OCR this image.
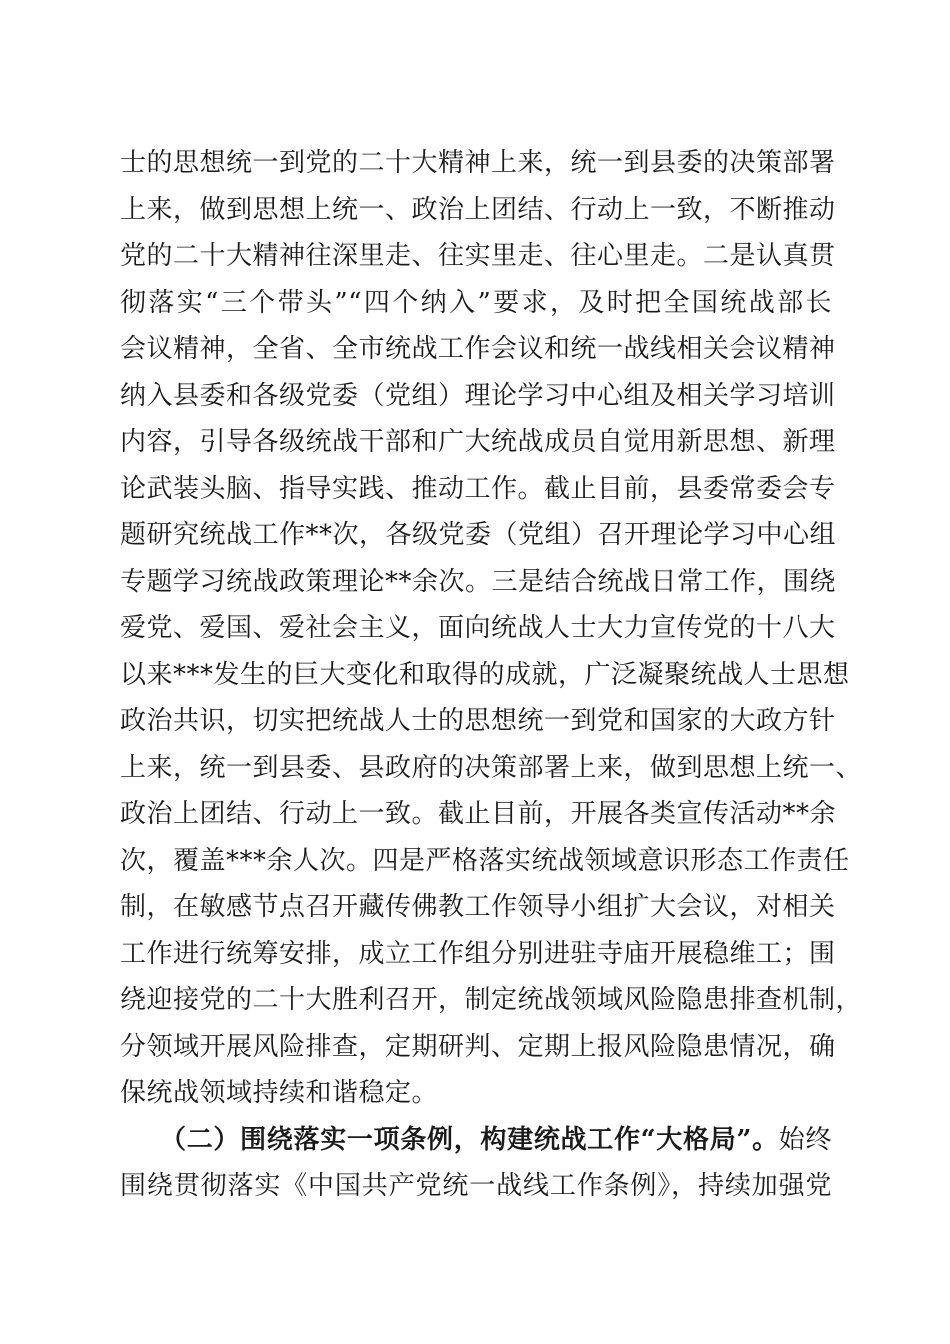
士的思想统一到党的二十大精神上来，统一到县委的决策部署
上来，做到思想上统一、政治上团结、行动上一致，不断推动
党的二十大精神往深里走、往实里走、往心里走。二是认真贯
彻落实“三个带头”“四个纳入”要求，及时把全国统战部长
会议精神，全省、全市统战工作会议和统一战线相关会议精神
纳入县委和各级党委（党组）理论学习中心组及相关学习培训
内容，引导各级统战干部和广大统战成员自觉用新思想、新理
论武装头脑、指导实践、推动工作。截止目前，县委常委会专
题研究统战工作**次，各级党委（党组）召开理论学习中心组
专题学习统战政策理论**余次。三是结合统战日常工作，围绕
爱党、爱国、爱社会主义，面向统战人士大力宣传党的十八大
以来***发生的巨大变化和取得的成就，广泛凝聚统战人士思想
政治共识，切实把统战人士的思想统一到党和国家的大政方针
上来，统一到县委、县政府的决策部署上来，做到思想上统一、
政治上团结、行动上一致。截止目前，开展各类宣传活动**余
次，覆盖***余人次。四是严格落实统战领域意识形态工作责任
制，在敏感节点召开藏传佛教工作领导小组扩大会议，对相关
工作进行统筹安排，成立工作组分别进驻寺庙开展稳维工；围
绕迎接党的二十大胜利召开，制定统战领域风险隐患排查机制，
分领域开展风险排查，定期研判、定期上报风险隐患情况，确
保统战领域持续和谐稳定。
（二）围绕落实一项条例，构建统战工作“大格局”。始终
围绕贯彻落实《中国共产党统一战线工作条例》，持续加强党
